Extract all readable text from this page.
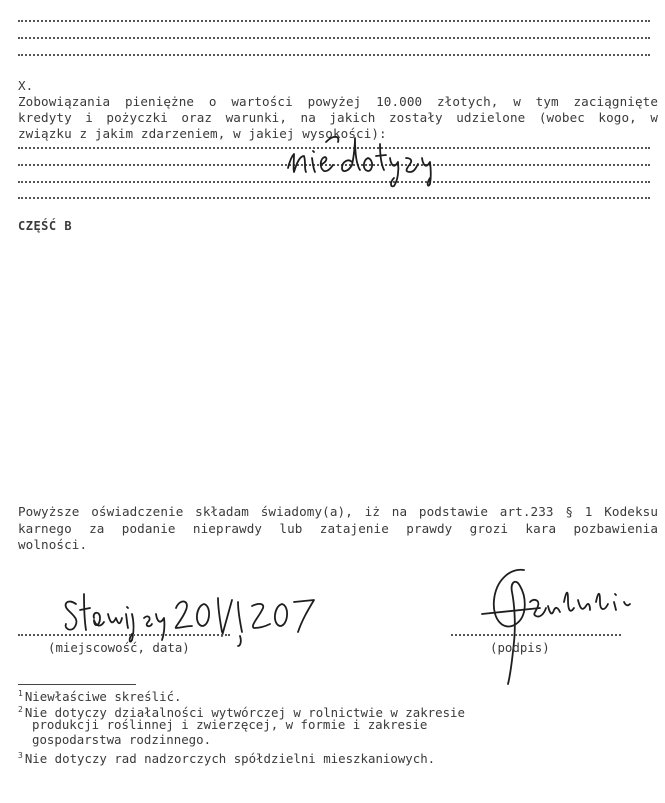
X.
Zobowiązania pieniężne o wartości powyżej 10.000 złotych, w tym zaciągnięte
kredyty i pożyczki oraz warunki, na jakich zostały udzielone (wobec kogo, w
związku z jakim zdarzeniem, w jakiej wysokości):
CZĘŚĆ B
Powyższe oświadczenie składam świadomy(a), iż na podstawie art.233 § 1 Kodeksu
karnego za podanie nieprawdy lub zatajenie prawdy grozi kara pozbawienia
wolności.
(miejscowość, data)	(podpis)
$^1$ Niewłaściwe skreślić.
$^2$ Nie dotyczy działalności wytwórczej w rolnictwie w zakresie
produkcji roślinnej i zwierzęcej, w formie i zakresie
gospodarstwa rodzinnego.
$^3$ Nie dotyczy rad nadzorczych spółdzielni mieszkaniowych.
